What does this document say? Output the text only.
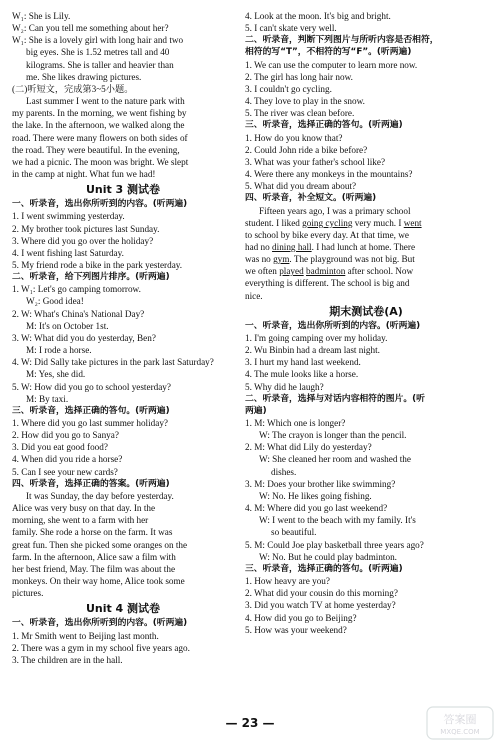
W₁: She is Lily.
W₂: Can you tell me something about her?
W₁: She is a lovely girl with long hair and two
big eyes. She is 1.52 metres tall and 40
kilograms. She is taller and heavier than
me. She likes drawing pictures.
(二)听短文，完成第3~5小题。
Last summer I went to the nature park with
my parents. In the morning, we went fishing by
the lake. In the afternoon, we walked along the
road. There were many flowers on both sides of
the road. They were beautiful. In the evening,
we had a picnic. The moon was bright. We slept
in the camp at night. What fun we had!
Unit 3 测试卷
一、听录音，选出你所听到的内容。(听两遍)
1. I went swimming yesterday.
2. My brother took pictures last Sunday.
3. Where did you go over the holiday?
4. I went fishing last Saturday.
5. My friend rode a bike in the park yesterday.
二、听录音，给下列图片排序。(听两遍)
1. W₁: Let's go camping tomorrow.
W₂: Good idea!
2. W: What's China's National Day?
M: It's on October 1st.
3. W: What did you do yesterday, Ben?
M: I rode a horse.
4. W: Did Sally take pictures in the park last Saturday?
M: Yes, she did.
5. W: How did you go to school yesterday?
M: By taxi.
三、听录音，选择正确的答句。(听两遍)
1. Where did you go last summer holiday?
2. How did you go to Sanya?
3. Did you eat good food?
4. When did you ride a horse?
5. Can I see your new cards?
四、听录音，选择正确的答案。(听两遍)
It was Sunday, the day before yesterday.
Alice was very busy on that day. In the
morning, she went to a farm with her
family. She rode a horse on the farm. It was
great fun. Then she picked some oranges on the
farm. In the afternoon, Alice saw a film with
her best friend, May. The film was about the
monkeys. On their way home, Alice took some
pictures.
Unit 4 测试卷
一、听录音，选出你所听到的内容。(听两遍)
1. Mr Smith went to Beijing last month.
2. There was a gym in my school five years ago.
3. The children are in the hall.
4. Look at the moon. It's big and bright.
5. I can't skate very well.
二、听录音，判断下列图片与所听内容是否相符，
相符的写“T”，不相符的写“F”。(听两遍)
1. We can use the computer to learn more now.
2. The girl has long hair now.
3. I couldn't go cycling.
4. They love to play in the snow.
5. The river was clean before.
三、听录音，选择正确的答句。(听两遍)
1. How do you know that?
2. Could John ride a bike before?
3. What was your father's school like?
4. Were there any monkeys in the mountains?
5. What did you dream about?
四、听录音，补全短文。(听两遍)
Fifteen years ago, I was a primary school
student. I liked going cycling very much. I went
to school by bike every day. At that time, we
had no dining hall. I had lunch at home. There
was no gym. The playground was not big. But
we often played badminton after school. Now
everything is different. The school is big and
nice.
期末测试卷(A)
一、听录音，选出你所听到的内容。(听两遍)
1. I'm going camping over my holiday.
2. Wu Binbin had a dream last night.
3. I hurt my hand last weekend.
4. The mule looks like a horse.
5. Why did he laugh?
二、听录音，选择与对话内容相符的图片。(听
两遍)
1. M: Which one is longer?
W: The crayon is longer than the pencil.
2. M: What did Lily do yesterday?
W: She cleaned her room and washed the
dishes.
3. M: Does your brother like swimming?
W: No. He likes going fishing.
4. M: Where did you go last weekend?
W: I went to the beach with my family. It's
so beautiful.
5. M: Could Joe play basketball three years ago?
W: No. But he could play badminton.
三、听录音，选择正确的答句。(听两遍)
1. How heavy are you?
2. What did your cousin do this morning?
3. Did you watch TV at home yesterday?
4. How did you go to Beijing?
5. How was your weekend?
— 23 —	答案圈
MXQE.COM
